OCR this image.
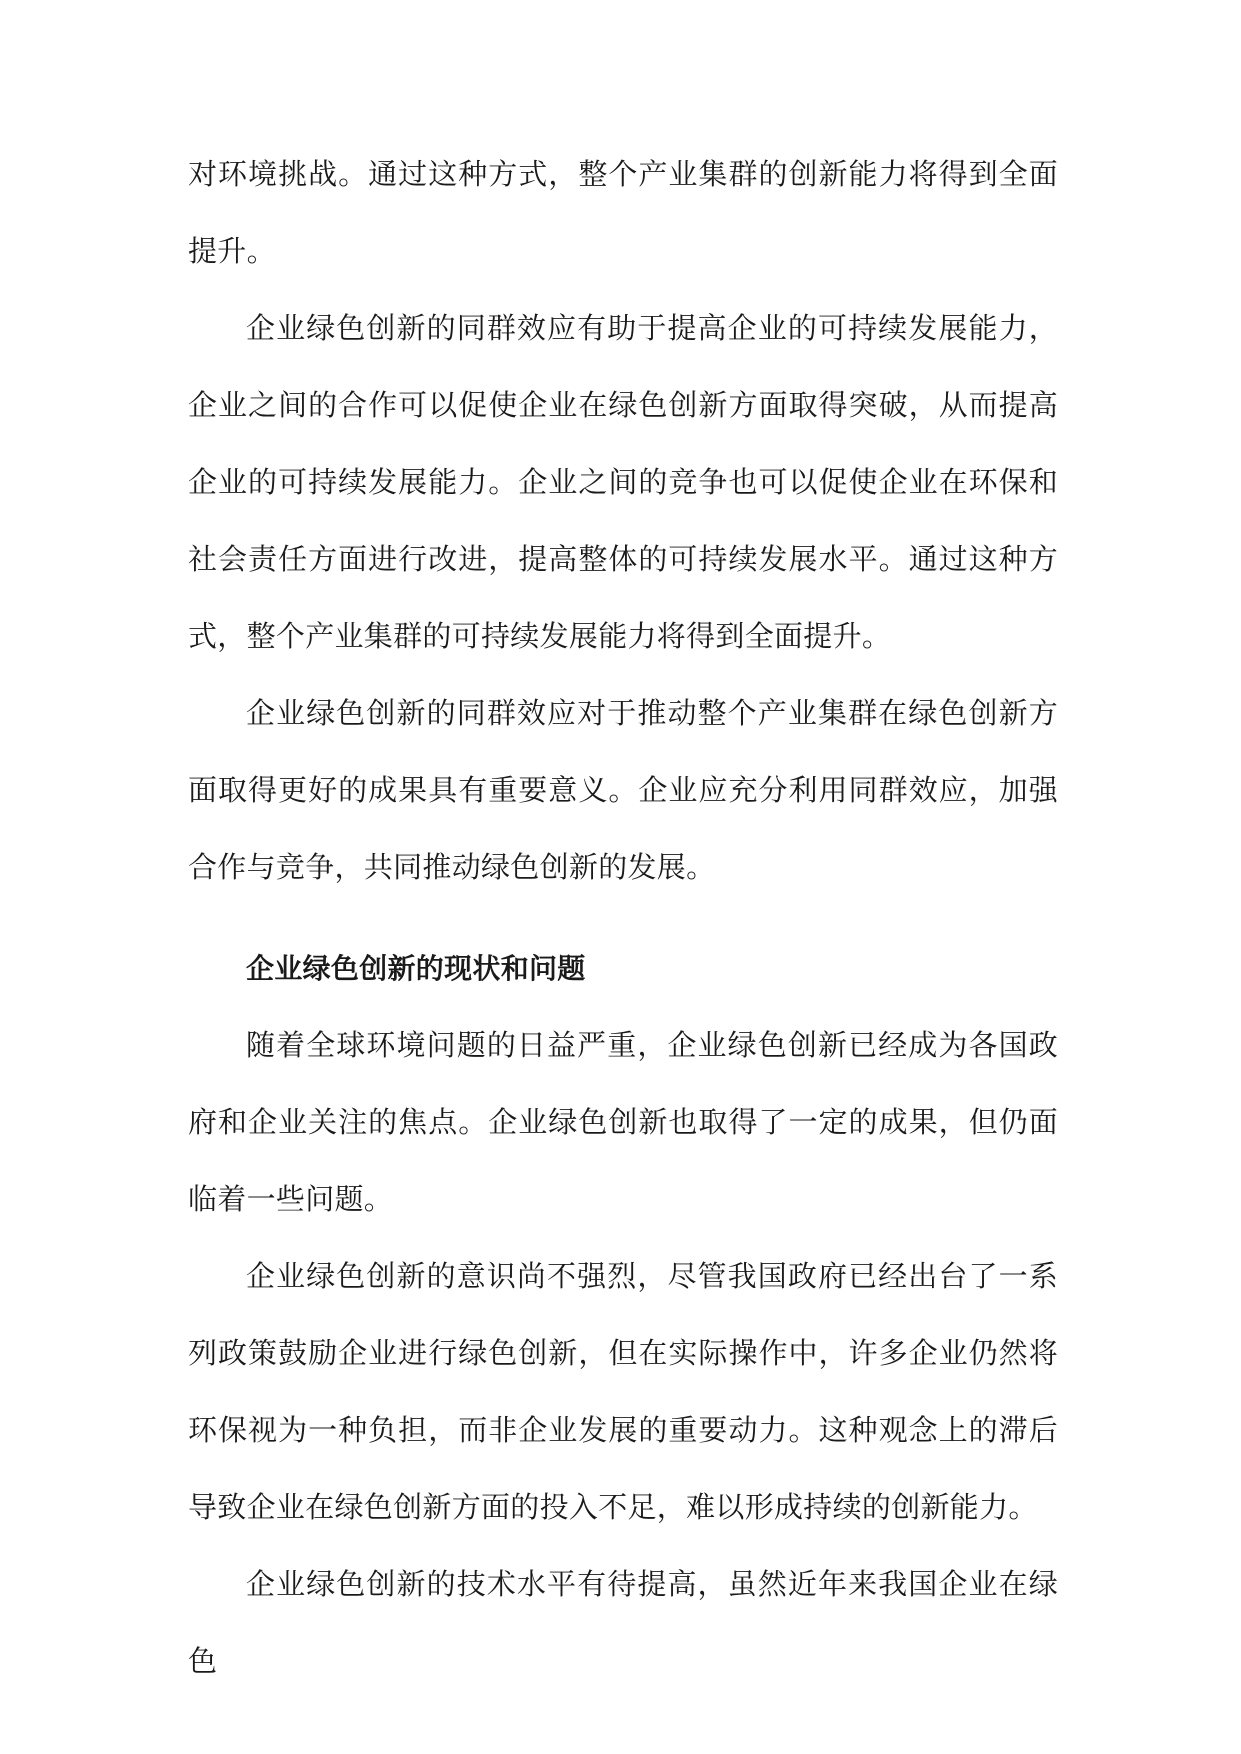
对环境挑战。通过这种方式，整个产业集群的创新能力将得到全面提升。

企业绿色创新的同群效应有助于提高企业的可持续发展能力，企业之间的合作可以促使企业在绿色创新方面取得突破，从而提高企业的可持续发展能力。企业之间的竞争也可以促使企业在环保和社会责任方面进行改进，提高整体的可持续发展水平。通过这种方式，整个产业集群的可持续发展能力将得到全面提升。

企业绿色创新的同群效应对于推动整个产业集群在绿色创新方面取得更好的成果具有重要意义。企业应充分利用同群效应，加强合作与竞争，共同推动绿色创新的发展。

企业绿色创新的现状和问题

随着全球环境问题的日益严重，企业绿色创新已经成为各国政府和企业关注的焦点。企业绿色创新也取得了一定的成果，但仍面临着一些问题。

企业绿色创新的意识尚不强烈，尽管我国政府已经出台了一系列政策鼓励企业进行绿色创新，但在实际操作中，许多企业仍然将环保视为一种负担，而非企业发展的重要动力。这种观念上的滞后导致企业在绿色创新方面的投入不足，难以形成持续的创新能力。

企业绿色创新的技术水平有待提高，虽然近年来我国企业在绿色
